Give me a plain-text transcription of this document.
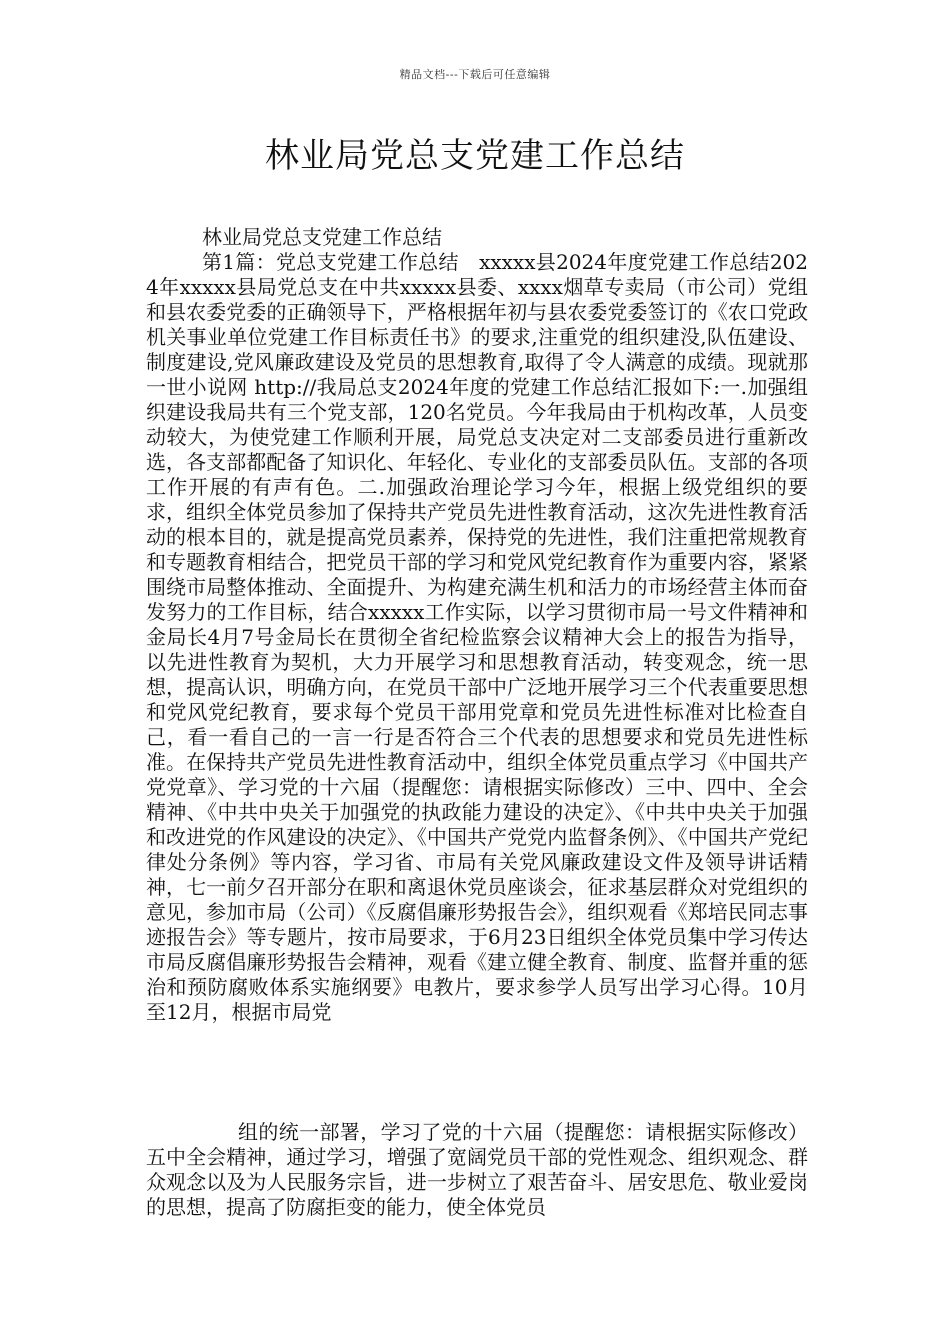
精品文档---下载后可任意编辑
林业局党总支党建工作总结
林业局党总支党建工作总结
第1篇：党总支党建工作总结　xxxxx县2024年度党建工作总结2024年xxxxx县局党总支在中共xxxxx县委、xxxx烟草专卖局（市公司）党组和县农委党委的正确领导下，严格根据年初与县农委党委签订的《农口党政机关事业单位党建工作目标责任书》的要求,注重党的组织建没,队伍建设、制度建设,党风廉政建设及党员的思想教育,取得了令人满意的成绩。现就那一世小说网 http://我局总支2024年度的党建工作总结汇报如下:一.加强组织建设我局共有三个党支部，120名党员。今年我局由于机构改革，人员变动较大，为使党建工作顺利开展，局党总支决定对二支部委员进行重新改选，各支部都配备了知识化、年轻化、专业化的支部委员队伍。支部的各项工作开展的有声有色。二.加强政治理论学习今年，根据上级党组织的要求，组织全体党员参加了保持共产党员先进性教育活动，这次先进性教育活动的根本目的，就是提高党员素养，保持党的先进性，我们注重把常规教育和专题教育相结合，把党员干部的学习和党风党纪教育作为重要内容，紧紧围绕市局整体推动、全面提升、为构建充满生机和活力的市场经营主体而奋发努力的工作目标，结合xxxxx工作实际，以学习贯彻市局一号文件精神和金局长4月7号金局长在贯彻全省纪检监察会议精神大会上的报告为指导，以先进性教育为契机，大力开展学习和思想教育活动，转变观念，统一思想，提高认识，明确方向，在党员干部中广泛地开展学习三个代表重要思想和党风党纪教育，要求每个党员干部用党章和党员先进性标准对比检查自己，看一看自己的一言一行是否符合三个代表的思想要求和党员先进性标准。在保持共产党员先进性教育活动中，组织全体党员重点学习《中国共产党党章》、学习党的十六届（提醒您：请根据实际修改）三中、四中、全会精神、《中共中央关于加强党的执政能力建设的决定》、《中共中央关于加强和改进党的作风建设的决定》、《中国共产党党内监督条例》、《中国共产党纪律处分条例》等内容，学习省、市局有关党风廉政建设文件及领导讲话精神，七一前夕召开部分在职和离退休党员座谈会，征求基层群众对党组织的意见，参加市局（公司）《反腐倡廉形势报告会》，组织观看《郑培民同志事迹报告会》等专题片，按市局要求，于6月23日组织全体党员集中学习传达市局反腐倡廉形势报告会精神，观看《建立健全教育、制度、监督并重的惩治和预防腐败体系实施纲要》电教片，要求参学人员写出学习心得。10月至12月，根据市局党

组的统一部署，学习了党的十六届（提醒您：请根据实际修改）五中全会精神，通过学习，增强了宽阔党员干部的党性观念、组织观念、群众观念以及为人民服务宗旨，进一步树立了艰苦奋斗、居安思危、敬业爱岗的思想，提高了防腐拒变的能力，使全体党员
